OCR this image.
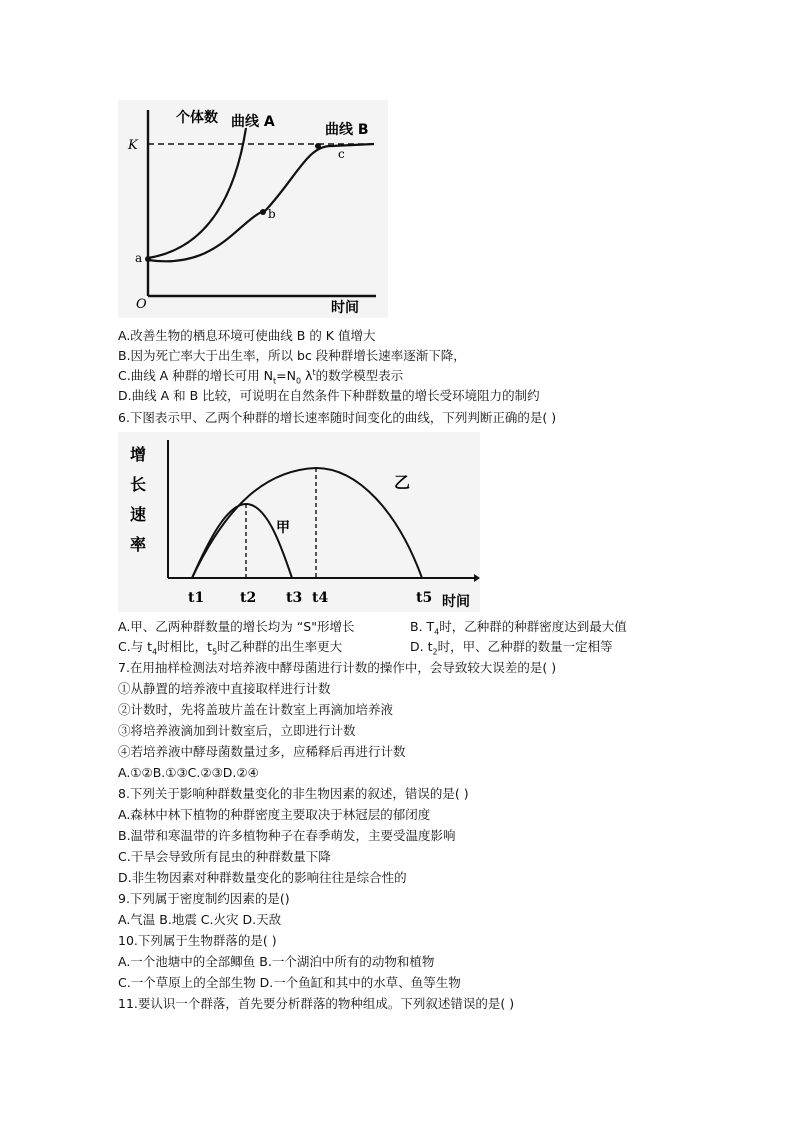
个体数
时间
O
K
曲线 A	曲线 B
a
b
c
A.改善生物的栖息环境可使曲线 B 的 K 值增大
B.因为死亡率大于出生率，所以 bc 段种群增长速率逐渐下降，
C.曲线 A 种群的增长可用 $N_t=N_0$ $\lambda^t$的数学模型表示
D.曲线 A 和 B 比较，可说明在自然条件下种群数量的增长受环境阻力的制约
6.下图表示甲、乙两个种群的增长速率随时间变化的曲线，下列判断正确的是( )
增
长
速
率
甲
乙
时间
t1	t2 t3 t4	t5
A.甲、乙两种群数量的增长均为 “S"形增长	B. $T_4$时，乙种群的种群密度达到最大值
C.与 $t_4$时相比，$t_5$时乙种群的出生率更大	D. $t_2$时，甲、乙种群的数量一定相等
7.在用抽样检测法对培养液中酵母菌进行计数的操作中，会导致较大误差的是( )
①从静置的培养液中直接取样进行计数
②计数时，先将盖玻片盖在计数室上再滴加培养液
③将培养液滴加到计数室后，立即进行计数
④若培养液中酵母菌数量过多，应稀释后再进行计数
A.①②B.①③C.②③D.②④
8.下列关于影响种群数量变化的非生物因素的叙述，错误的是( )
A.森林中林下植物的种群密度主要取决于林冠层的郁闭度
B.温带和寒温带的许多植物种子在春季萌发，主要受温度影响
C.干旱会导致所有昆虫的种群数量下降
D.非生物因素对种群数量变化的影响往往是综合性的
9.下列属于密度制约因素的是()
A.气温 B.地震 C.火灾 D.天敌
10.下列属于生物群落的是( )
A.一个池塘中的全部鲫鱼 B.一个湖泊中所有的动物和植物
C.一个草原上的全部生物 D.一个鱼缸和其中的水草、鱼等生物
11.要认识一个群落，首先要分析群落的物种组成。下列叙述错误的是( )
